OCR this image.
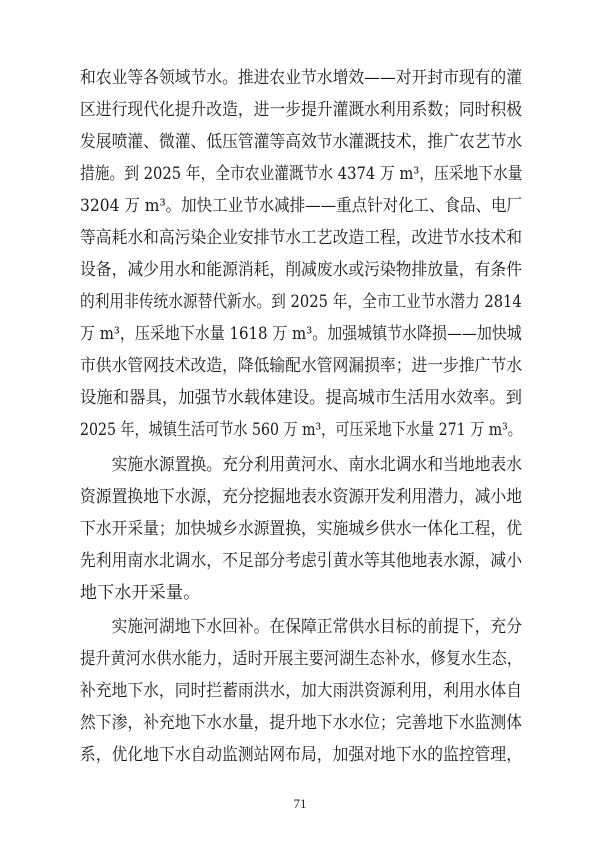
和农业等各领域节水。推进农业节水增效——对开封市现有的灌
区进行现代化提升改造，进一步提升灌溉水利用系数；同时积极
发展喷灌、微灌、低压管灌等高效节水灌溉技术，推广农艺节水
措施。到 2025 年，全市农业灌溉节水 4374 万 m³，压采地下水量
3204 万 m³。加快工业节水减排——重点针对化工、食品、电厂
等高耗水和高污染企业安排节水工艺改造工程，改进节水技术和
设备，减少用水和能源消耗，削减废水或污染物排放量，有条件
的利用非传统水源替代新水。到 2025 年，全市工业节水潜力 2814
万 m³，压采地下水量 1618 万 m³。加强城镇节水降损——加快城
市供水管网技术改造，降低输配水管网漏损率；进一步推广节水
设施和器具，加强节水载体建设。提高城市生活用水效率。到
2025 年，城镇生活可节水 560 万 m³，可压采地下水量 271 万 m³。
　　实施水源置换。充分利用黄河水、南水北调水和当地地表水
资源置换地下水源，充分挖掘地表水资源开发利用潜力，减小地
下水开采量；加快城乡水源置换，实施城乡供水一体化工程，优
先利用南水北调水，不足部分考虑引黄水等其他地表水源，减小
地下水开采量。
　　实施河湖地下水回补。在保障正常供水目标的前提下，充分
提升黄河水供水能力，适时开展主要河湖生态补水，修复水生态，
补充地下水，同时拦蓄雨洪水，加大雨洪资源利用，利用水体自
然下渗，补充地下水水量，提升地下水水位；完善地下水监测体
系，优化地下水自动监测站网布局，加强对地下水的监控管理，
71
